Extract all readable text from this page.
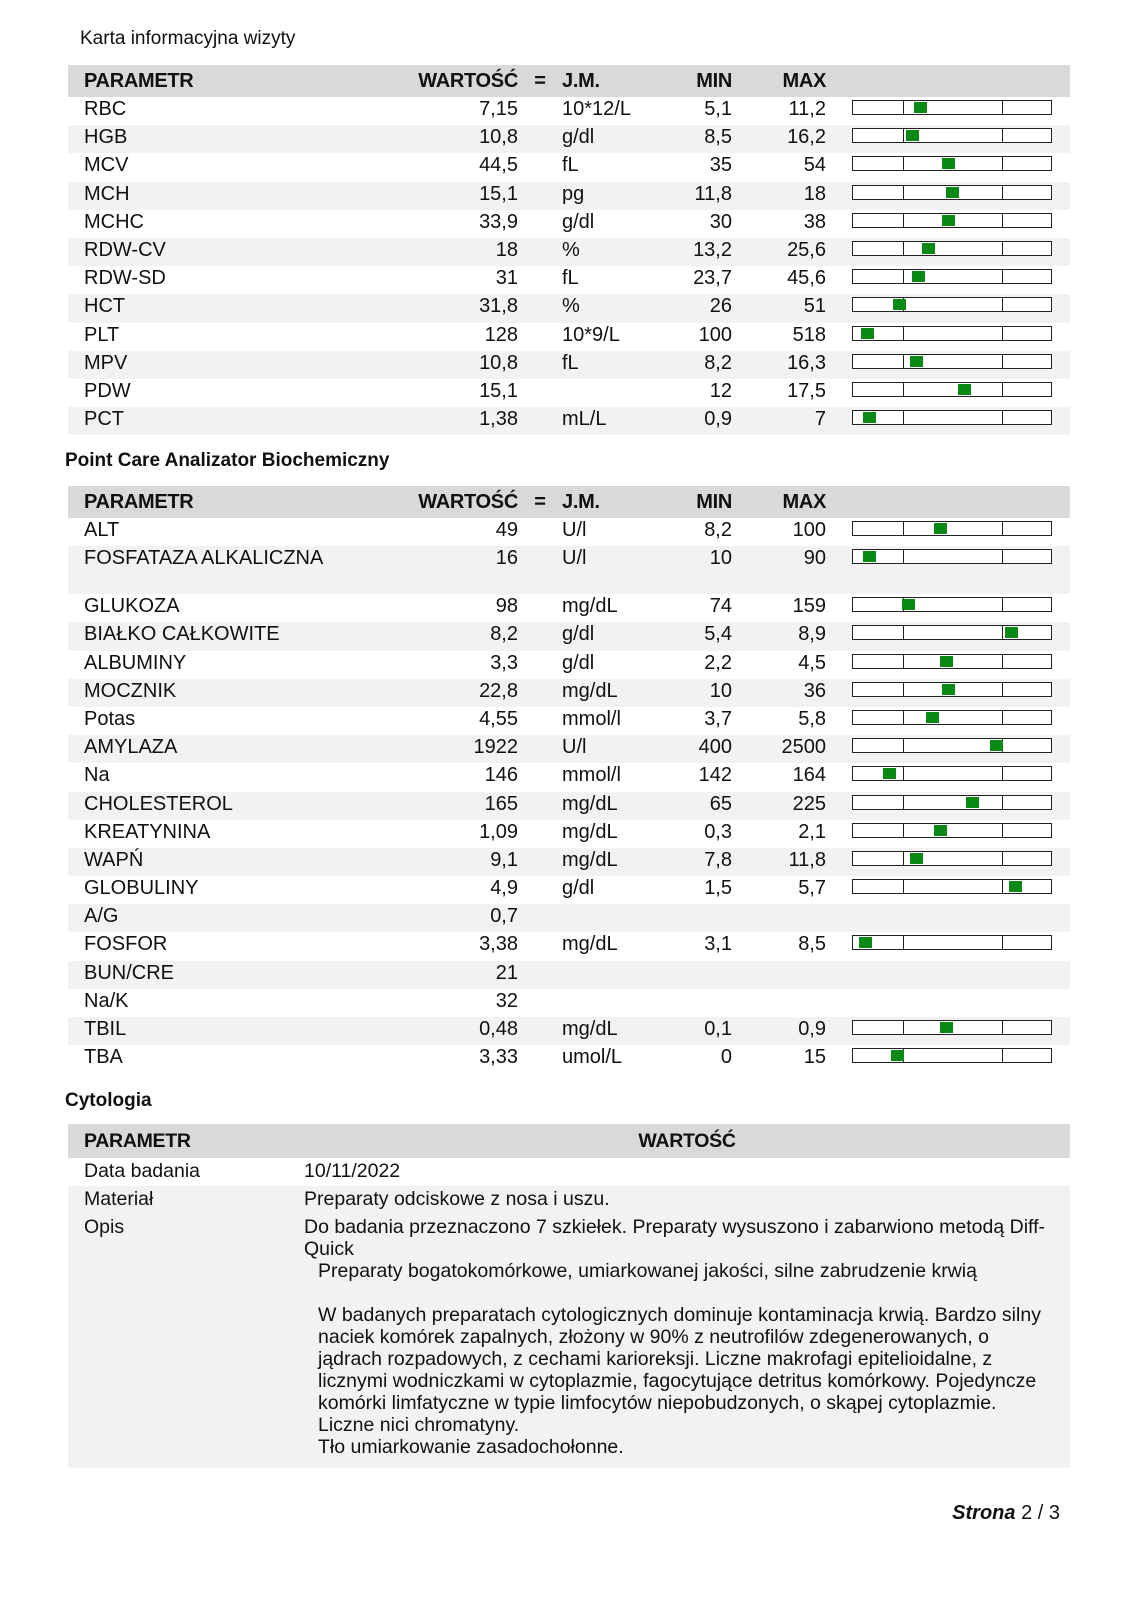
Karta informacyjna wizyty
PARAMETR	WARTOŚĆ	=	J.M.	MIN	MAX	
RBC	7,15		10*12/L	5,1	11,2	

HGB	10,8		g/dl	8,5	16,2	

MCV	44,5		fL	35	54	

MCH	15,1		pg	11,8	18	

MCHC	33,9		g/dl	30	38	

RDW-CV	18		%	13,2	25,6	

RDW-SD	31		fL	23,7	45,6	

HCT	31,8		%	26	51	

PLT	128		10*9/L	100	518	

MPV	10,8		fL	8,2	16,3	

PDW	15,1			12	17,5	

PCT	1,38		mL/L	0,9	7	
Point Care Analizator Biochemiczny
PARAMETR	WARTOŚĆ	=	J.M.	MIN	MAX	
ALT	49		U/l	8,2	100	

FOSFATAZA ALKALICZNA	16		U/l	10	90	

GLUKOZA	98		mg/dL	74	159	

BIAŁKO CAŁKOWITE	8,2		g/dl	5,4	8,9	

ALBUMINY	3,3		g/dl	2,2	4,5	

MOCZNIK	22,8		mg/dL	10	36	

Potas	4,55		mmol/l	3,7	5,8	

AMYLAZA	1922		U/l	400	2500	

Na	146		mmol/l	142	164	

CHOLESTEROL	165		mg/dL	65	225	

KREATYNINA	1,09		mg/dL	0,3	2,1	

WAPŃ	9,1		mg/dL	7,8	11,8	

GLOBULINY	4,9		g/dl	1,5	5,7	

A/G	0,7					
FOSFOR	3,38		mg/dL	3,1	8,5	

BUN/CRE	21					
Na/K	32					
TBIL	0,48		mg/dL	0,1	0,9	

TBA	3,33		umol/L	0	15	
Cytologia
PARAMETR	WARTOŚĆ
Data badania	10/11/2022
Materiał	Preparaty odciskowe z nosa i uszu.
Opis	Do badania przeznaczono 7 szkiełek. Preparaty wysuszono i zabarwiono metodą Diff-Quick
Preparaty bogatokomórkowe, umiarkowanej jakości, silne zabrudzenie krwią
W badanych preparatach cytologicznych dominuje kontaminacja krwią. Bardzo silny naciek komórek zapalnych, złożony w 90% z neutrofilów zdegenerowanych, o jądrach rozpadowych, z cechami karioreksji. Liczne makrofagi epitelioidalne, z licznymi wodniczkami w cytoplazmie, fagocytujące detritus komórkowy. Pojedyncze komórki limfatyczne w typie limfocytów niepobudzonych, o skąpej cytoplazmie. Liczne nici chromatyny.
Tło umiarkowanie zasadochołonne.
Strona 2 / 3
